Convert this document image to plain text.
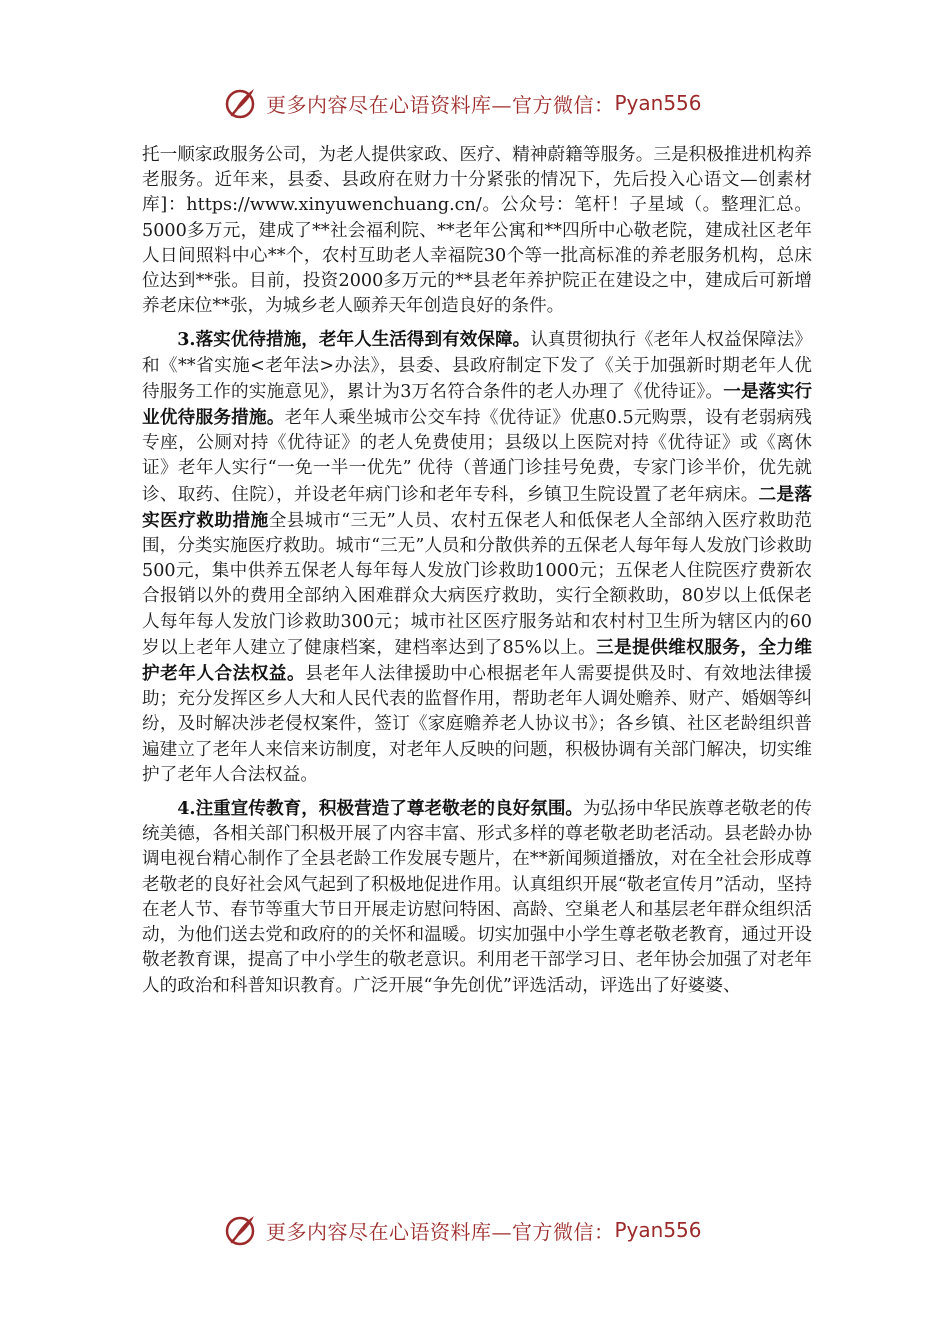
更多内容尽在心语资料库—官方微信： Pyan556

托一顺家政服务公司，为老人提供家政、医疗、精神蔚籍等服务。三是积极推进机构养老服务。近年来，县委、县政府在财力十分紧张的情况下，先后投入心语文—创素材库]：https://www.xinyuwenchuang.cn/。公众号：笔杆！子星域（。整理汇总。5000多万元，建成了**社会福利院、**老年公寓和**四所中心敬老院，建成社区老年人日间照料中心**个，农村互助老人幸福院30个等一批高标准的养老服务机构，总床位达到**张。目前，投资2000多万元的**县老年养护院正在建设之中，建成后可新增养老床位**张，为城乡老人颐养天年创造良好的条件。

3.落实优待措施，老年人生活得到有效保障。认真贯彻执行《老年人权益保障法》和《**省实施<老年法>办法》，县委、县政府制定下发了《关于加强新时期老年人优待服务工作的实施意见》，累计为3万名符合条件的老人办理了《优待证》。一是落实行业优待服务措施。老年人乘坐城市公交车持《优待证》优惠0.5元购票，设有老弱病残专座，公厕对持《优待证》的老人免费使用；县级以上医院对持《优待证》或《离休证》老年人实行“一免一半一优先” 优待（普通门诊挂号免费，专家门诊半价，优先就诊、取药、住院），并设老年病门诊和老年专科，乡镇卫生院设置了老年病床。二是落实医疗救助措施全县城市“三无”人员、农村五保老人和低保老人全部纳入医疗救助范围，分类实施医疗救助。城市“三无”人员和分散供养的五保老人每年每人发放门诊救助500元，集中供养五保老人每年每人发放门诊救助1000元；五保老人住院医疗费新农合报销以外的费用全部纳入困难群众大病医疗救助，实行全额救助，80岁以上低保老人每年每人发放门诊救助300元；城市社区医疗服务站和农村村卫生所为辖区内的60岁以上老年人建立了健康档案，建档率达到了85%以上。三是提供维权服务，全力维护老年人合法权益。县老年人法律援助中心根据老年人需要提供及时、有效地法律援助；充分发挥区乡人大和人民代表的监督作用，帮助老年人调处赡养、财产、婚姻等纠纷，及时解决涉老侵权案件，签订《家庭赡养老人协议书》；各乡镇、社区老龄组织普遍建立了老年人来信来访制度，对老年人反映的问题，积极协调有关部门解决，切实维护了老年人合法权益。

4.注重宣传教育，积极营造了尊老敬老的良好氛围。为弘扬中华民族尊老敬老的传统美德，各相关部门积极开展了内容丰富、形式多样的尊老敬老助老活动。县老龄办协调电视台精心制作了全县老龄工作发展专题片，在**新闻频道播放，对在全社会形成尊老敬老的良好社会风气起到了积极地促进作用。认真组织开展“敬老宣传月”活动，坚持在老人节、春节等重大节日开展走访慰问特困、高龄、空巢老人和基层老年群众组织活动，为他们送去党和政府的的关怀和温暖。切实加强中小学生尊老敬老教育，通过开设敬老教育课，提高了中小学生的敬老意识。利用老干部学习日、老年协会加强了对老年人的政治和科普知识教育。广泛开展“争先创优”评选活动，评选出了好婆婆、

更多内容尽在心语资料库—官方微信： Pyan556
